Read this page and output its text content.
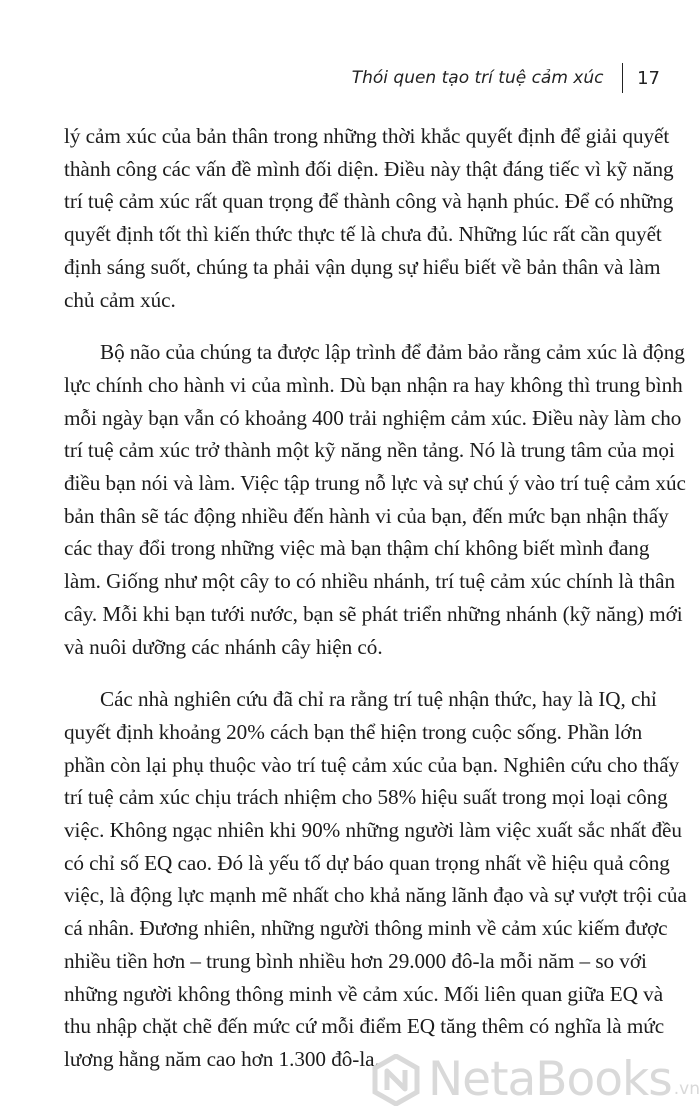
Thói quen tạo trí tuệ cảm xúc 17
lý cảm xúc của bản thân trong những thời khắc quyết định để giải quyết
thành công các vấn đề mình đối diện. Điều này thật đáng tiếc vì kỹ năng
trí tuệ cảm xúc rất quan trọng để thành công và hạnh phúc. Để có những
quyết định tốt thì kiến thức thực tế là chưa đủ. Những lúc rất cần quyết
định sáng suốt, chúng ta phải vận dụng sự hiểu biết về bản thân và làm
chủ cảm xúc.
Bộ não của chúng ta được lập trình để đảm bảo rằng cảm xúc là động
lực chính cho hành vi của mình. Dù bạn nhận ra hay không thì trung bình
mỗi ngày bạn vẫn có khoảng 400 trải nghiệm cảm xúc. Điều này làm cho
trí tuệ cảm xúc trở thành một kỹ năng nền tảng. Nó là trung tâm của mọi
điều bạn nói và làm. Việc tập trung nỗ lực và sự chú ý vào trí tuệ cảm xúc
bản thân sẽ tác động nhiều đến hành vi của bạn, đến mức bạn nhận thấy
các thay đổi trong những việc mà bạn thậm chí không biết mình đang
làm. Giống như một cây to có nhiều nhánh, trí tuệ cảm xúc chính là thân
cây. Mỗi khi bạn tưới nước, bạn sẽ phát triển những nhánh (kỹ năng) mới
và nuôi dưỡng các nhánh cây hiện có.
Các nhà nghiên cứu đã chỉ ra rằng trí tuệ nhận thức, hay là IQ, chỉ
quyết định khoảng 20% cách bạn thể hiện trong cuộc sống. Phần lớn
phần còn lại phụ thuộc vào trí tuệ cảm xúc của bạn. Nghiên cứu cho thấy
trí tuệ cảm xúc chịu trách nhiệm cho 58% hiệu suất trong mọi loại công
việc. Không ngạc nhiên khi 90% những người làm việc xuất sắc nhất đều
có chỉ số EQ cao. Đó là yếu tố dự báo quan trọng nhất về hiệu quả công
việc, là động lực mạnh mẽ nhất cho khả năng lãnh đạo và sự vượt trội của
cá nhân. Đương nhiên, những người thông minh về cảm xúc kiếm được
nhiều tiền hơn – trung bình nhiều hơn 29.000 đô-la mỗi năm – so với
những người không thông minh về cảm xúc. Mối liên quan giữa EQ và
thu nhập chặt chẽ đến mức cứ mỗi điểm EQ tăng thêm có nghĩa là mức
lương hằng năm cao hơn 1.300 đô-la.	NetaBooks .vn
